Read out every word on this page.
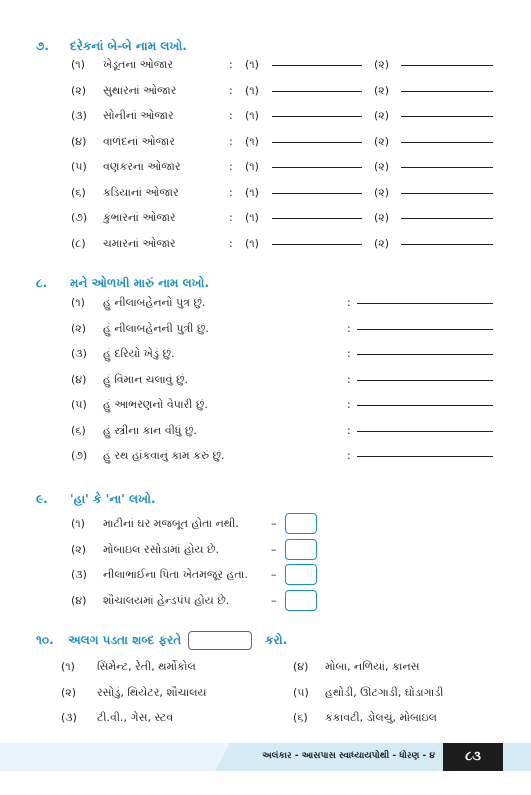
૭. દરેકનાં બે-બે નામ લખો.
૮. મને ઓળખી મારું નામ લખો.
૯. 'હા' કે 'ના' લખો.
૧૦. અલગ પડતા શબ્દ ફરતે	કરો.
અલંકાર - આસપાસ સ્વાધ્યાયપોથી - ધોરણ - ૪	૮૩
(૧) ખેડૂતનાં ઓજાર	: (૧)	(૨)
(૨) સુથારનાં ઓજાર	: (૧)	(૨)
(૩) સોનીનાં ઓજાર	: (૧)	(૨)
(૪) વાળંદનાં ઓજાર	: (૧)	(૨)
(૫) વણકરનાં ઓજાર	: (૧)	(૨)
(૬) કડિયાનાં ઓજાર	: (૧)	(૨)
(૭) કુંભારનાં ઓજાર	: (૧)	(૨)
(૮) ચમારનાં ઓજાર	: (૧)	(૨)
(૧) હું નીલાબહેનનો પુત્ર છું.	:
(૨) હું નીલાબહેનની પુત્રી છું.	:
(૩) હું દરિયો ખેડું છું.	:
(૪) હું વિમાન ચલાવું છું.	:
(૫) હું આભરણનો વેપારી છું.	:
(૬) હું સ્ત્રીના કાન વીંધું છું.	:
(૭) હું રથ હાંકવાનું કામ કરું છું.	:
(૧) માટીનાં ઘર મજબૂત હોતા નથી.	–
(૨) મોબાઇલ રસોડામાં હોય છે.	–
(૩) નીલાભાઈના પિતા ખેતમજૂર હતા. –
(૪) શૌચાલયમાં હેન્ડપંપ હોય છે.	–
(૧) સિમેન્ટ, રેતી, થર્મોકોલ
(૨) રસોડું, થિયેટર, શૌચાલય
(૩) ટી.વી., ગેસ, સ્ટવ
(૪) મોબા, નળિયાં, કાનસ
(૫) હથોડી, ઊંટગાડી, ઘોડાગાડી
(૬) કંકાવટી, ડોલચું, મોબાઇલ
